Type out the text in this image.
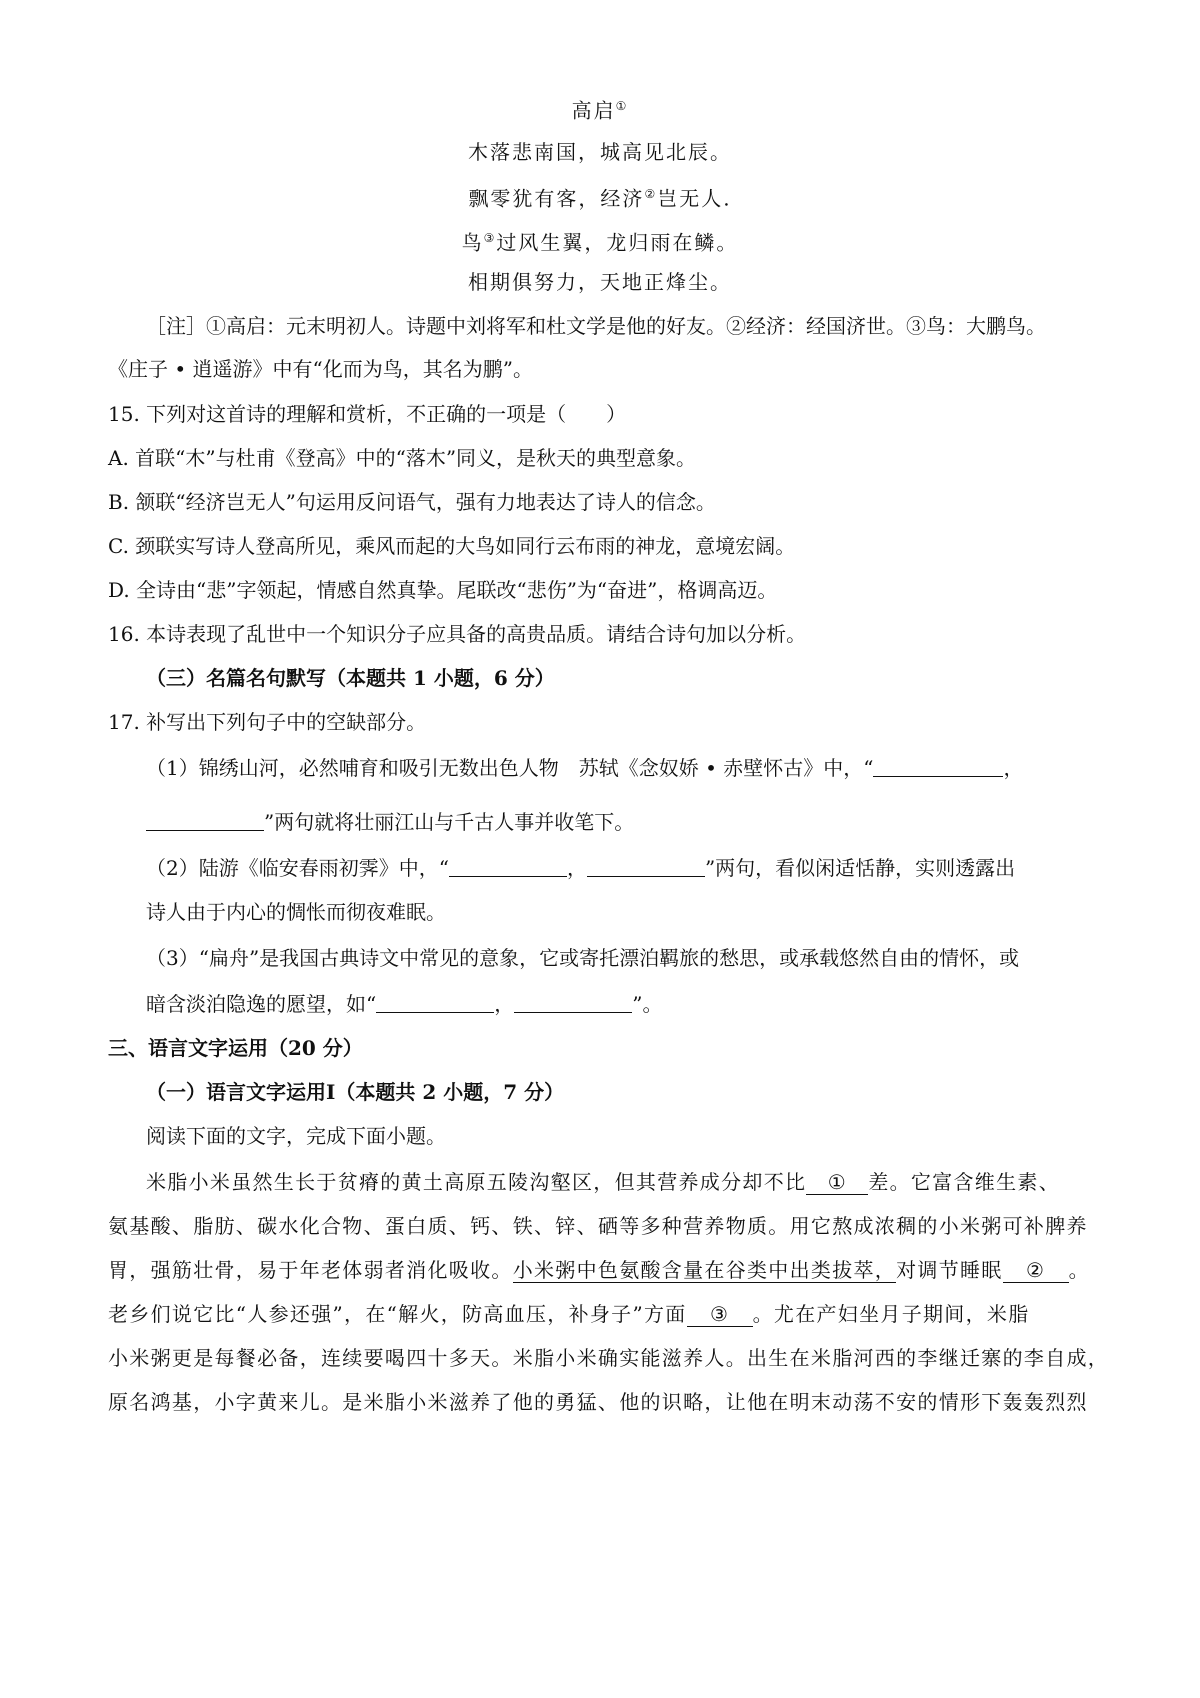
高启①
木落悲南国，城高见北辰。
飘零犹有客，经济②岂无人.
鸟③过风生翼，龙归雨在鳞。
相期俱努力，天地正烽尘。
［注］①高启：元末明初人。诗题中刘将军和杜文学是他的好友。②经济：经国济世。③鸟：大鹏鸟。
《庄子 • 逍遥游》中有“化而为鸟，其名为鹏”。
15. 下列对这首诗的理解和赏析，不正确的一项是（　　）
A. 首联“木”与杜甫《登高》中的“落木”同义，是秋天的典型意象。
B. 颔联“经济岂无人”句运用反问语气，强有力地表达了诗人的信念。
C. 颈联实写诗人登高所见，乘风而起的大鸟如同行云布雨的神龙，意境宏阔。
D. 全诗由“悲”字领起，情感自然真挚。尾联改“悲伤”为“奋进”，格调高迈。
16. 本诗表现了乱世中一个知识分子应具备的高贵品质。请结合诗句加以分析。
（三）名篇名句默写（本题共 1 小题，6 分）
17. 补写出下列句子中的空缺部分。
（1）锦绣山河，必然哺育和吸引无数出色人物　苏轼《念奴娇 • 赤壁怀古》中，“	，
”两句就将壮丽江山与千古人事并收笔下。
（2）陆游《临安春雨初霁》中，“	，	”两句，看似闲适恬静，实则透露出
诗人由于内心的惆怅而彻夜难眠。
（3）“扁舟”是我国古典诗文中常见的意象，它或寄托漂泊羁旅的愁思，或承载悠然自由的情怀，或
暗含淡泊隐逸的愿望，如“	，	”。
三、语言文字运用（20 分）
（一）语言文字运用Ⅰ（本题共 2 小题，7 分）
阅读下面的文字，完成下面小题。
米脂小米虽然生长于贫瘠的黄土高原五陵沟壑区，但其营养成分却不比 ① 差。它富含维生素、
氨基酸、脂肪、碳水化合物、蛋白质、钙、铁、锌、硒等多种营养物质。用它熬成浓稠的小米粥可补脾养
胃，强筋壮骨，易于年老体弱者消化吸收。小米粥中色氨酸含量在谷类中出类拔萃，对调节睡眠 ② 。
老乡们说它比“人参还强”，在“解火，防高血压，补身子”方面 ③ 。尤在产妇坐月子期间，米脂
小米粥更是每餐必备，连续要喝四十多天。米脂小米确实能滋养人。出生在米脂河西的李继迁寨的李自成，
原名鸿基，小字黄来儿。是米脂小米滋养了他的勇猛、他的识略，让他在明末动荡不安的情形下轰轰烈烈
